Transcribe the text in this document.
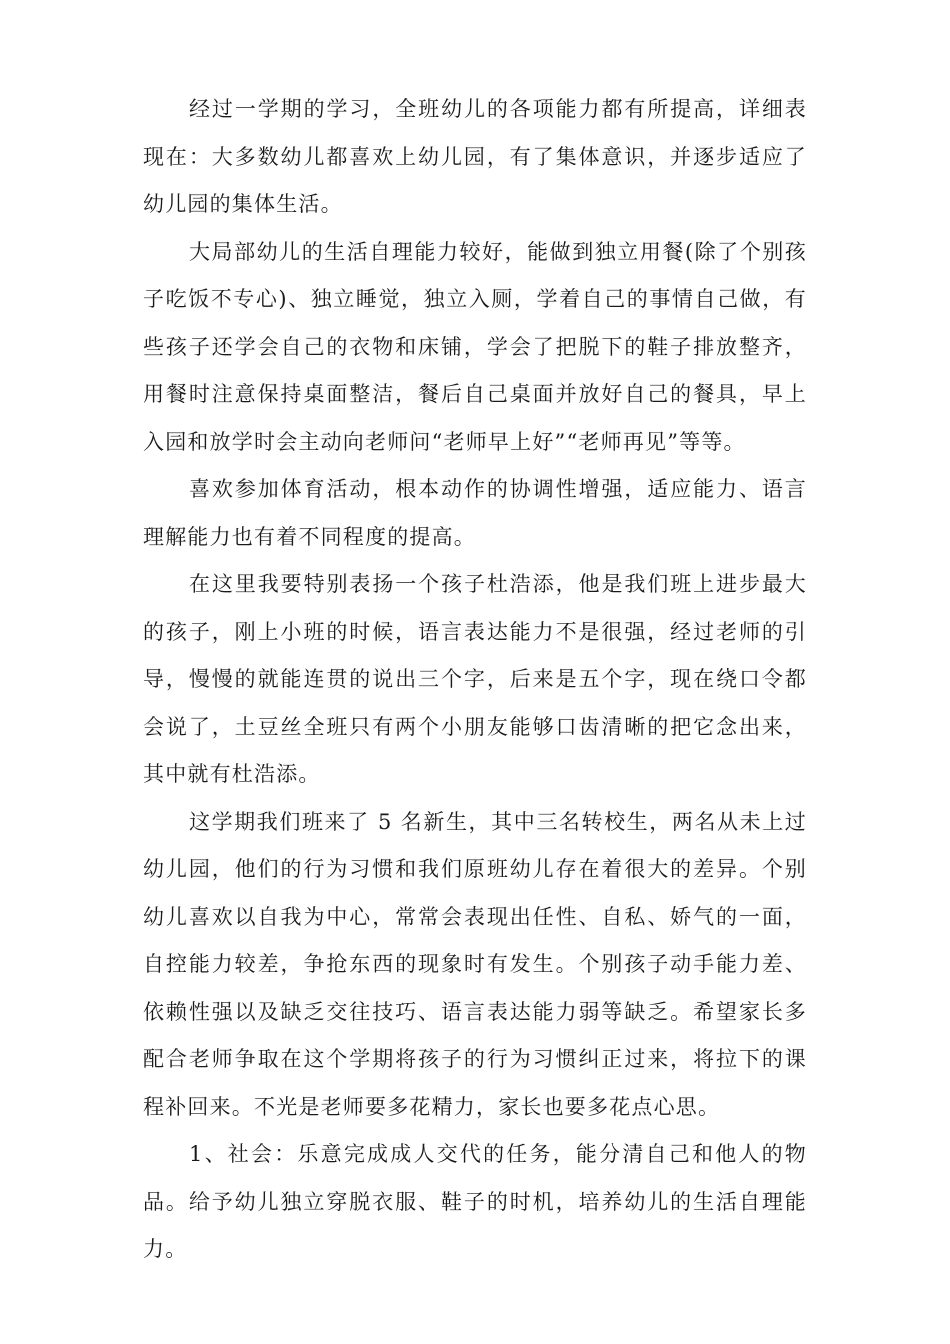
经过一学期的学习，全班幼儿的各项能力都有所提高，详细表现在：大多数幼儿都喜欢上幼儿园，有了集体意识，并逐步适应了幼儿园的集体生活。

大局部幼儿的生活自理能力较好，能做到独立用餐(除了个别孩子吃饭不专心)、独立睡觉，独立入厕，学着自己的事情自己做，有些孩子还学会自己的衣物和床铺，学会了把脱下的鞋子排放整齐，用餐时注意保持桌面整洁，餐后自己桌面并放好自己的餐具，早上入园和放学时会主动向老师问“老师早上好”“老师再见”等等。

喜欢参加体育活动，根本动作的协调性增强，适应能力、语言理解能力也有着不同程度的提高。

在这里我要特别表扬一个孩子杜浩添，他是我们班上进步最大的孩子，刚上小班的时候，语言表达能力不是很强，经过老师的引导，慢慢的就能连贯的说出三个字，后来是五个字，现在绕口令都会说了，土豆丝全班只有两个小朋友能够口齿清晰的把它念出来，其中就有杜浩添。

这学期我们班来了 5 名新生，其中三名转校生，两名从未上过幼儿园，他们的行为习惯和我们原班幼儿存在着很大的差异。个别幼儿喜欢以自我为中心，常常会表现出任性、自私、娇气的一面，自控能力较差，争抢东西的现象时有发生。个别孩子动手能力差、依赖性强以及缺乏交往技巧、语言表达能力弱等缺乏。希望家长多配合老师争取在这个学期将孩子的行为习惯纠正过来，将拉下的课程补回来。不光是老师要多花精力，家长也要多花点心思。

1、社会：乐意完成成人交代的任务，能分清自己和他人的物品。给予幼儿独立穿脱衣服、鞋子的时机，培养幼儿的生活自理能力。
